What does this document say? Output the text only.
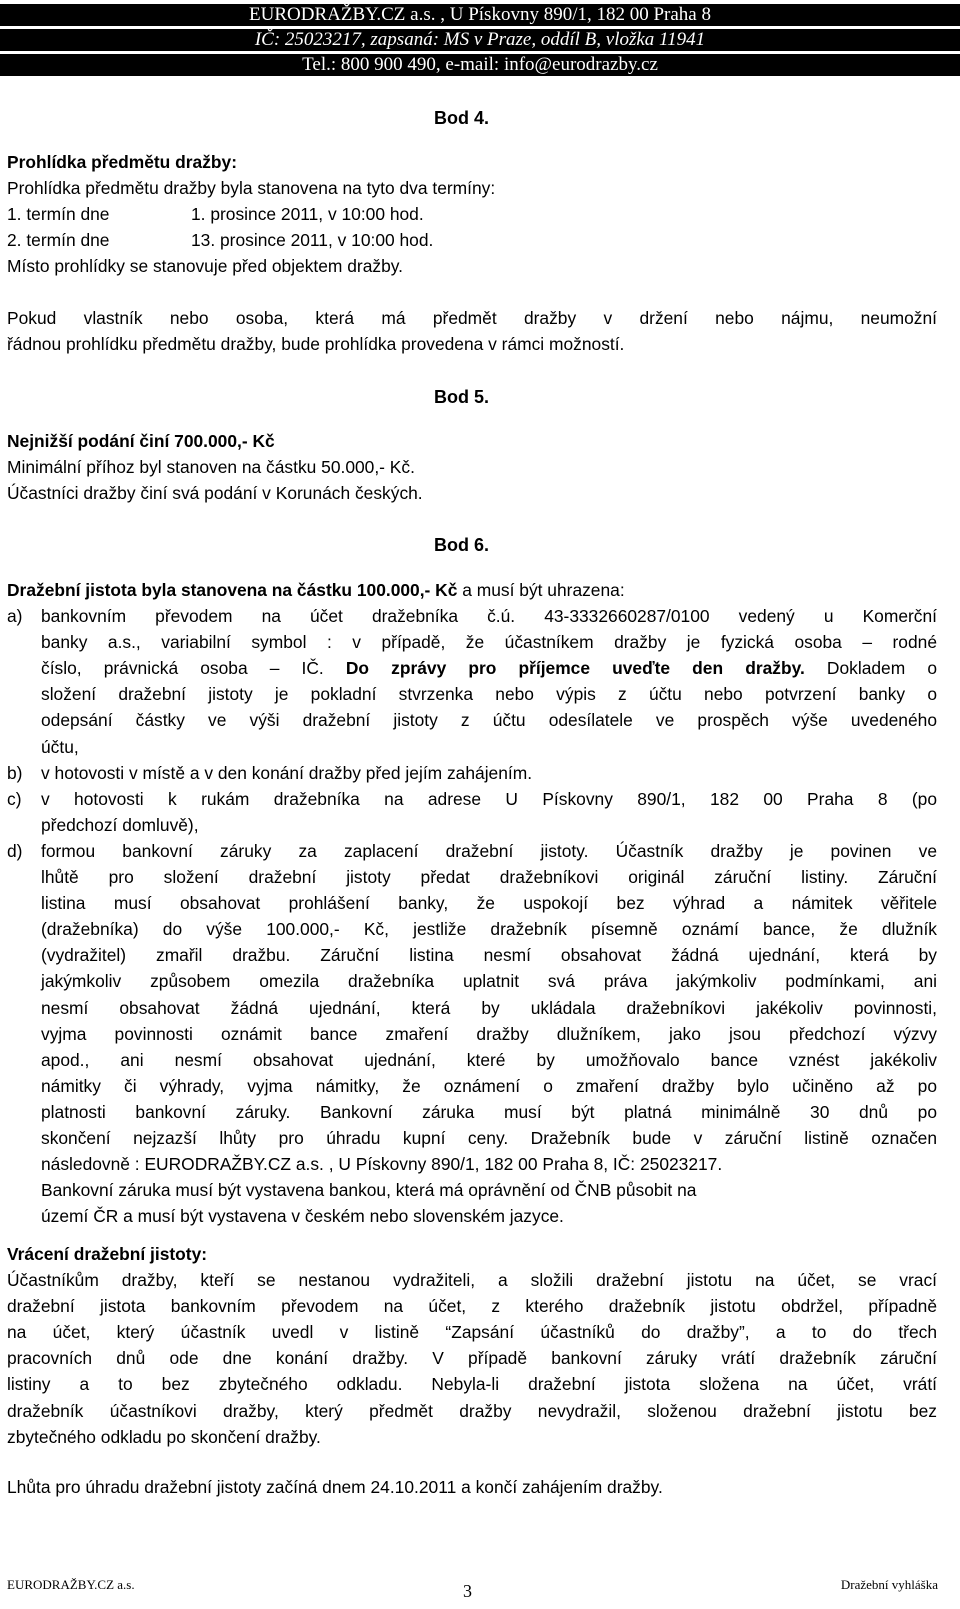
EURODRAŽBY.CZ a.s. , U Pískovny 890/1, 182 00 Praha 8
IČ: 25023217, zapsaná: MS v Praze, oddíl B, vložka 11941
Tel.: 800 900 490, e-mail: info@eurodrazby.cz
Bod 4.
Prohlídka předmětu dražby:
Prohlídka předmětu dražby byla stanovena na tyto dva termíny:
1. termín dne	1. prosince 2011, v 10:00 hod.
2. termín dne	13. prosince 2011, v 10:00 hod.
Místo prohlídky se stanovuje před objektem dražby.
Pokud vlastník nebo osoba, která má předmět dražby v držení nebo nájmu, neumožní
řádnou prohlídku předmětu dražby, bude prohlídka provedena v rámci možností.
Bod 5.
Nejnižší podání činí 700.000,- Kč
Minimální příhoz byl stanoven na částku 50.000,- Kč.
Účastníci dražby činí svá podání v Korunách českých.
Bod 6.
Dražební jistota byla stanovena na částku 100.000,- Kč a musí být uhrazena:
a) bankovním převodem na účet dražebníka č.ú. 43-3332660287/0100 vedený u Komerční
banky a.s., variabilní symbol : v případě, že účastníkem dražby je fyzická osoba – rodné
číslo, právnická osoba – IČ. Do zprávy pro příjemce uveďte den dražby. Dokladem o
složení dražební jistoty je pokladní stvrzenka nebo výpis z účtu nebo potvrzení banky o
odepsání částky ve výši dražební jistoty z účtu odesílatele ve prospěch výše uvedeného
účtu,
b) v hotovosti v místě a v den konání dražby před jejím zahájením.
c) v hotovosti k rukám dražebníka na adrese U Pískovny 890/1, 182 00 Praha 8 (po
předchozí domluvě),
d) formou bankovní záruky za zaplacení dražební jistoty. Účastník dražby je povinen ve
lhůtě pro složení dražební jistoty předat dražebníkovi originál záruční listiny. Záruční
listina musí obsahovat prohlášení banky, že uspokojí bez výhrad a námitek věřitele
(dražebníka) do výše 100.000,- Kč, jestliže dražebník písemně oznámí bance, že dlužník
(vydražitel) zmařil dražbu. Záruční listina nesmí obsahovat žádná ujednání, která by
jakýmkoliv způsobem omezila dražebníka uplatnit svá práva jakýmkoliv podmínkami, ani
nesmí obsahovat žádná ujednání, která by ukládala dražebníkovi jakékoliv povinnosti,
vyjma povinnosti oznámit bance zmaření dražby dlužníkem, jako jsou předchozí výzvy
apod., ani nesmí obsahovat ujednání, které by umožňovalo bance vznést jakékoliv
námitky či výhrady, vyjma námitky, že oznámení o zmaření dražby bylo učiněno až po
platnosti bankovní záruky. Bankovní záruka musí být platná minimálně 30 dnů po
skončení nejzazší lhůty pro úhradu kupní ceny. Dražebník bude v záruční listině označen
následovně : EURODRAŽBY.CZ a.s. , U Pískovny 890/1, 182 00 Praha 8, IČ: 25023217.
Bankovní záruka musí být vystavena bankou, která má oprávnění od ČNB působit na
území ČR a musí být vystavena v českém nebo slovenském jazyce.
Vrácení dražební jistoty:
Účastníkům dražby, kteří se nestanou vydražiteli, a složili dražební jistotu na účet, se vrací
dražební jistota bankovním převodem na účet, z kterého dražebník jistotu obdržel, případně
na účet, který účastník uvedl v listině “Zapsání účastníků do dražby”, a to do třech
pracovních dnů ode dne konání dražby. V případě bankovní záruky vrátí dražebník záruční
listiny a to bez zbytečného odkladu. Nebyla-li dražební jistota složena na účet, vrátí
dražebník účastníkovi dražby, který předmět dražby nevydražil, složenou dražební jistotu bez
zbytečného odkladu po skončení dražby.
Lhůta pro úhradu dražební jistoty začíná dnem 24.10.2011 a končí zahájením dražby.
EURODRAŽBY.CZ a.s.	3	Dražební vyhláška
